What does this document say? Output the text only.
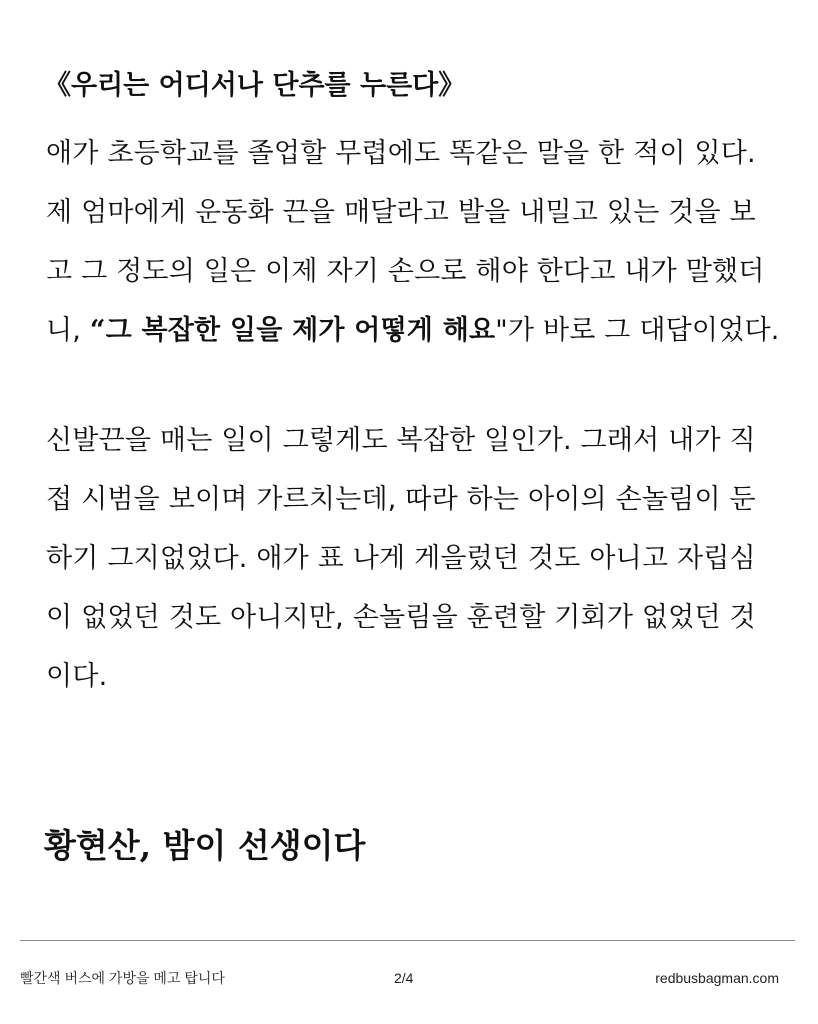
《우리는 어디서나 단추를 누른다》
애가 초등학교를 졸업할 무렵에도 똑같은 말을 한 적이 있다.
제 엄마에게 운동화 끈을 매달라고 발을 내밀고 있는 것을 보
고 그 정도의 일은 이제 자기 손으로 해야 한다고 내가 말했더
니, “그 복잡한 일을 제가 어떻게 해요"가 바로 그 대답이었다.
신발끈을 매는 일이 그렇게도 복잡한 일인가. 그래서 내가 직
접 시범을 보이며 가르치는데, 따라 하는 아이의 손놀림이 둔
하기 그지없었다. 애가 표 나게 게을렀던 것도 아니고 자립심
이 없었던 것도 아니지만, 손놀림을 훈련할 기회가 없었던 것
이다.
황현산, 밤이 선생이다
빨간색 버스에 가방을 메고 탑니다	2/4	redbusbagman.com
